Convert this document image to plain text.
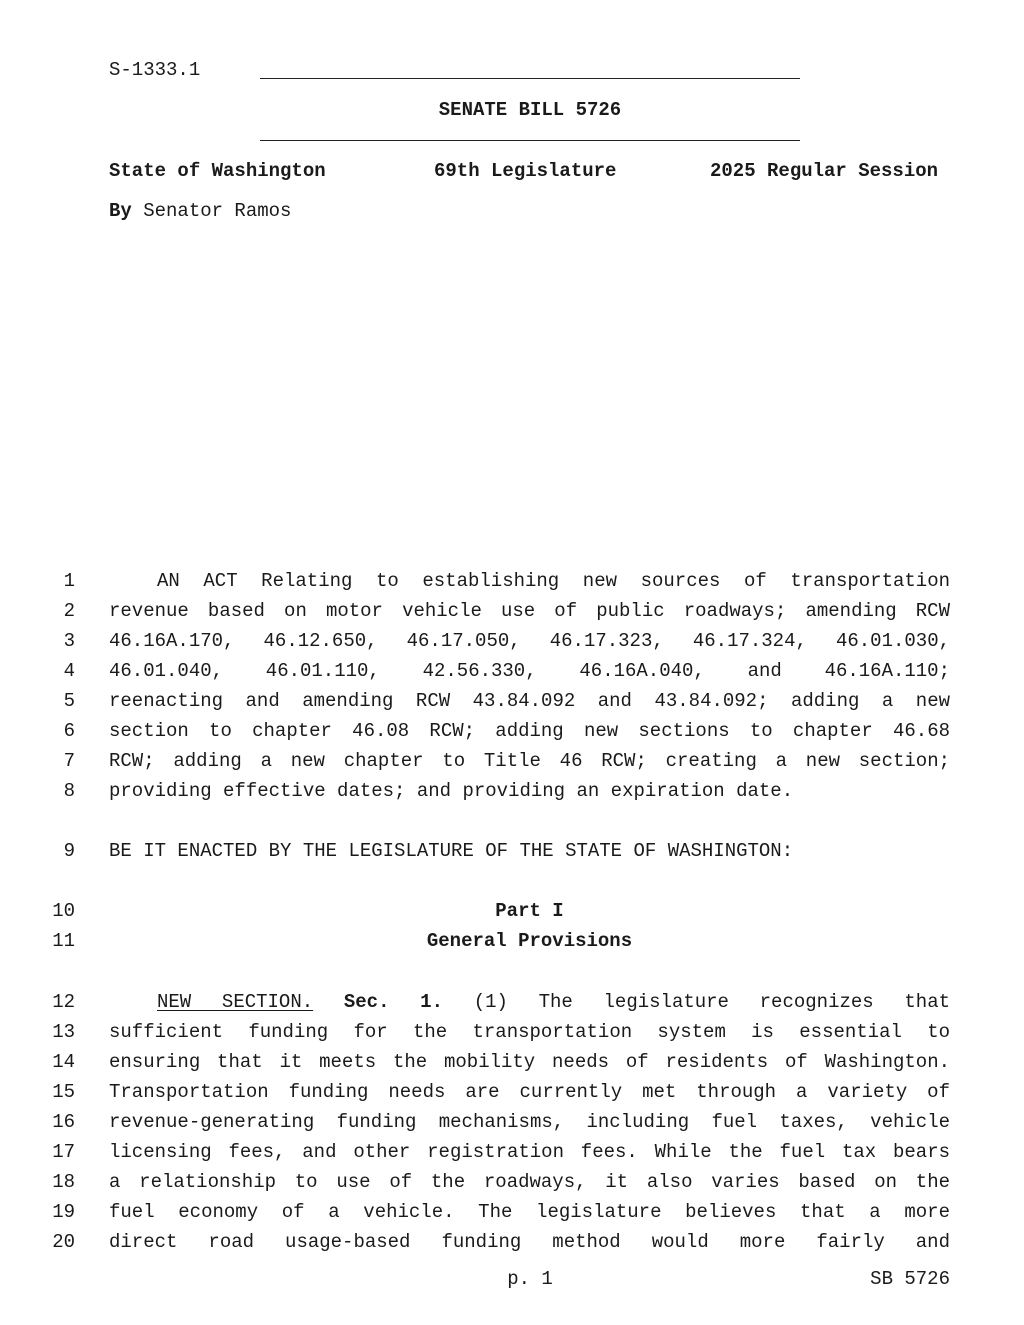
S-1333.1
SENATE BILL 5726
State of Washington	69th Legislature	2025 Regular Session
By Senator Ramos
1	AN ACT Relating to establishing new sources of transportation
2 revenue based on motor vehicle use of public roadways; amending RCW
3 46.16A.170, 46.12.650, 46.17.050, 46.17.323, 46.17.324, 46.01.030,
4 46.01.040, 46.01.110, 42.56.330, 46.16A.040, and 46.16A.110;
5 reenacting and amending RCW 43.84.092 and 43.84.092; adding a new
6 section to chapter 46.08 RCW; adding new sections to chapter 46.68
7 RCW; adding a new chapter to Title 46 RCW; creating a new section;
8 providing effective dates; and providing an expiration date.
9 BE IT ENACTED BY THE LEGISLATURE OF THE STATE OF WASHINGTON:
10	Part I
11	General Provisions
12	NEW SECTION. Sec. 1. (1) The legislature recognizes that
13 sufficient funding for the transportation system is essential to
14 ensuring that it meets the mobility needs of residents of Washington.
15 Transportation funding needs are currently met through a variety of
16 revenue-generating funding mechanisms, including fuel taxes, vehicle
17 licensing fees, and other registration fees. While the fuel tax bears
18 a relationship to use of the roadways, it also varies based on the
19 fuel economy of a vehicle. The legislature believes that a more
20 direct road usage-based funding method would more fairly and
p. 1	SB 5726
